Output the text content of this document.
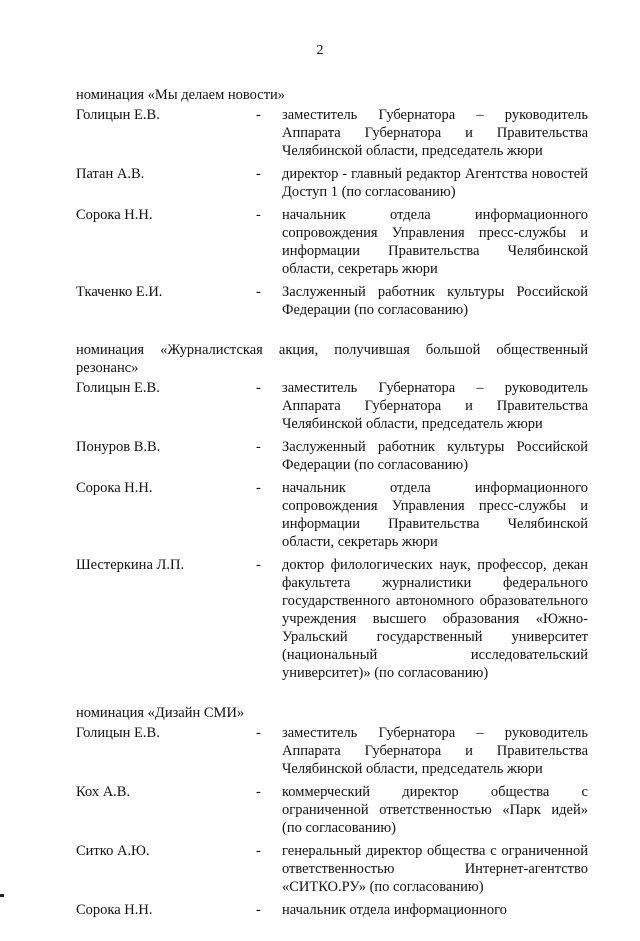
2
номинация «Мы делаем новости»
Голицын Е.В.	-	заместитель Губернатора – руководитель Аппарата Губернатора и Правительства Челябинской области, председатель жюри
Патан А.В.	-	директор - главный редактор Агентства новостей Доступ 1 (по согласованию)
Сорока Н.Н.	-	начальник отдела информационного сопровождения Управления пресс-службы и информации Правительства Челябинской области, секретарь жюри
Ткаченко Е.И.	-	Заслуженный работник культуры Российской Федерации (по согласованию)
номинация «Журналистская акция, получившая большой общественный резонанс»
Голицын Е.В.	-	заместитель Губернатора – руководитель Аппарата Губернатора и Правительства Челябинской области, председатель жюри
Понуров В.В.	-	Заслуженный работник культуры Российской Федерации (по согласованию)
Сорока Н.Н.	-	начальник отдела информационного сопровождения Управления пресс-службы и информации Правительства Челябинской области, секретарь жюри
Шестеркина Л.П.	-	доктор филологических наук, профессор, декан факультета журналистики федерального государственного автономного образовательного учреждения высшего образования «Южно-Уральский государственный университет (национальный исследовательский университет)» (по согласованию)
номинация «Дизайн СМИ»
Голицын Е.В.	-	заместитель Губернатора – руководитель Аппарата Губернатора и Правительства Челябинской области, председатель жюри
Кох А.В.	-	коммерческий директор общества с ограниченной ответственностью «Парк идей» (по согласованию)
Ситко А.Ю.	-	генеральный директор общества с ограниченной ответственностью Интернет-агентство «СИТКО.РУ» (по согласованию)
Сорока Н.Н.	-	начальник отдела информационного
